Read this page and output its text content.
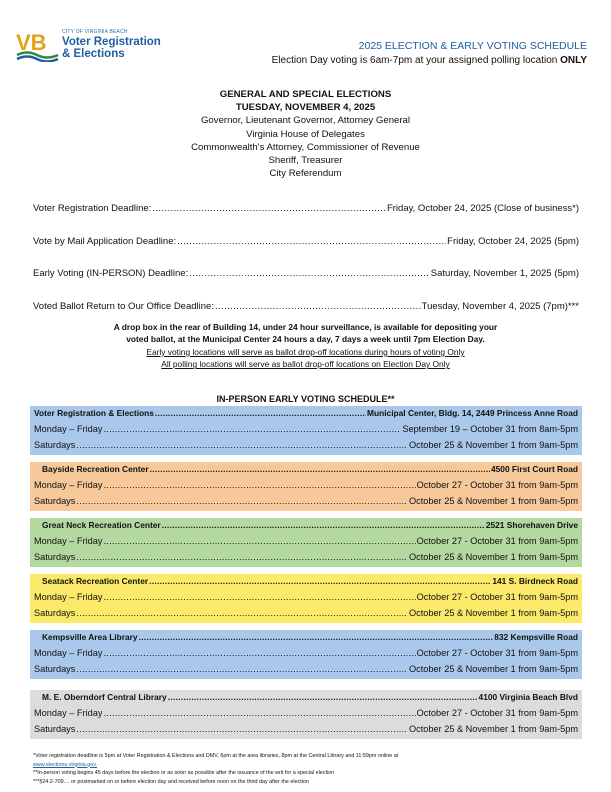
VB	CITY OF VIRGINIA BEACH
Voter Registration
& Elections
2025 ELECTION & EARLY VOTING SCHEDULE
Election Day voting is 6am-7pm at your assigned polling location ONLY
GENERAL AND SPECIAL ELECTIONS
TUESDAY, NOVEMBER 4, 2025
Governor, Lieutenant Governor, Attorney General
Virginia House of Delegates
Commonwealth's Attorney, Commissioner of Revenue
Sheriff, Treasurer
City Referendum
Voter Registration Deadline: .....	Friday, October 24, 2025 (Close of business*)
Vote by Mail Application Deadline: .....	Friday, October 24, 2025 (5pm)
Early Voting (IN-PERSON) Deadline: .....	Saturday, November 1, 2025 (5pm)
Voted Ballot Return to Our Office Deadline: .....	Tuesday, November 4, 2025 (7pm)***
A drop box in the rear of Building 14, under 24 hour surveillance, is available for depositing your
voted ballot, at the Municipal Center 24 hours a day, 7 days a week until 7pm Election Day.
Early voting locations will serve as ballot drop-off locations during hours of voting Only
All polling locations will serve as ballot drop-off locations on Election Day Only
IN-PERSON EARLY VOTING SCHEDULE**
Voter Registration & Elections .....	Municipal Center, Bldg. 14, 2449 Princess Anne Road
Monday – Friday .....	September 19 – October 31 from 8am-5pm
Saturdays .....	October 25 & November 1 from 9am-5pm
Bayside Recreation Center .....	4500 First Court Road
Monday – Friday .....	October 27 - October 31 from 9am-5pm
Saturdays .....	October 25 & November 1 from 9am-5pm
Great Neck Recreation Center .....	2521 Shorehaven Drive
Monday – Friday .....	October 27 - October 31 from 9am-5pm
Saturdays .....	October 25 & November 1 from 9am-5pm
Seatack Recreation Center .....	141 S. Birdneck Road
Monday – Friday .....	October 27 - October 31 from 9am-5pm
Saturdays .....	October 25 & November 1 from 9am-5pm
Kempsville Area Library .....	832 Kempsville Road
Monday – Friday .....	October 27 - October 31 from 9am-5pm
Saturdays .....	October 25 & November 1 from 9am-5pm
M. E. Oberndorf Central Library .....	4100 Virginia Beach Blvd
Monday – Friday .....	October 27 - October 31 from 9am-5pm
Saturdays .....	October 25 & November 1 from 9am-5pm
*Voter registration deadline is 5pm at Voter Registration & Elections and DMV, 6pm at the area libraries, 8pm at the Central Library and 11:59pm online at
www.elections.virginia.gov.
**In-person voting begins 45 days before the election or as soon as possible after the issuance of the writ for a special election
***§24.2-709.... or postmarked on or before election day and received before noon on the third day after the election
